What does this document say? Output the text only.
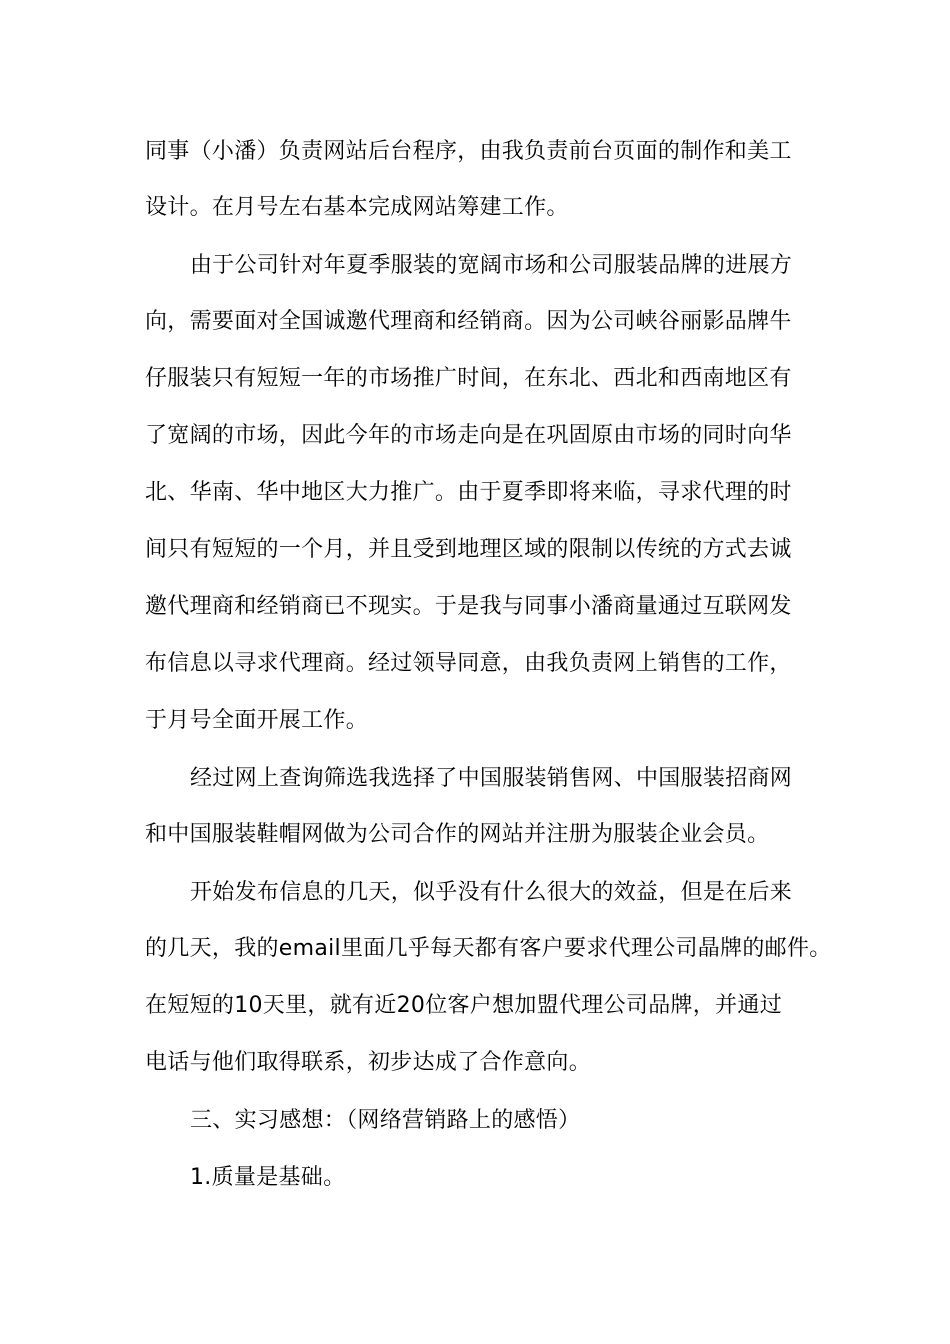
同事（小潘）负责网站后台程序，由我负责前台页面的制作和美工
设计。在月号左右基本完成网站筹建工作。
由于公司针对年夏季服装的宽阔市场和公司服装品牌的进展方
向，需要面对全国诚邀代理商和经销商。因为公司峡谷丽影品牌牛
仔服装只有短短一年的市场推广时间，在东北、西北和西南地区有
了宽阔的市场，因此今年的市场走向是在巩固原由市场的同时向华
北、华南、华中地区大力推广。由于夏季即将来临，寻求代理的时
间只有短短的一个月，并且受到地理区域的限制以传统的方式去诚
邀代理商和经销商已不现实。于是我与同事小潘商量通过互联网发
布信息以寻求代理商。经过领导同意，由我负责网上销售的工作，
于月号全面开展工作。
经过网上查询筛选我选择了中国服装销售网、中国服装招商网
和中国服装鞋帽网做为公司合作的网站并注册为服装企业会员。
开始发布信息的几天，似乎没有什么很大的效益，但是在后来
的几天，我的email里面几乎每天都有客户要求代理公司晶牌的邮件。
在短短的10天里，就有近20位客户想加盟代理公司品牌，并通过
电话与他们取得联系，初步达成了合作意向。
三、实习感想：（网络营销路上的感悟）
1.质量是基础。
